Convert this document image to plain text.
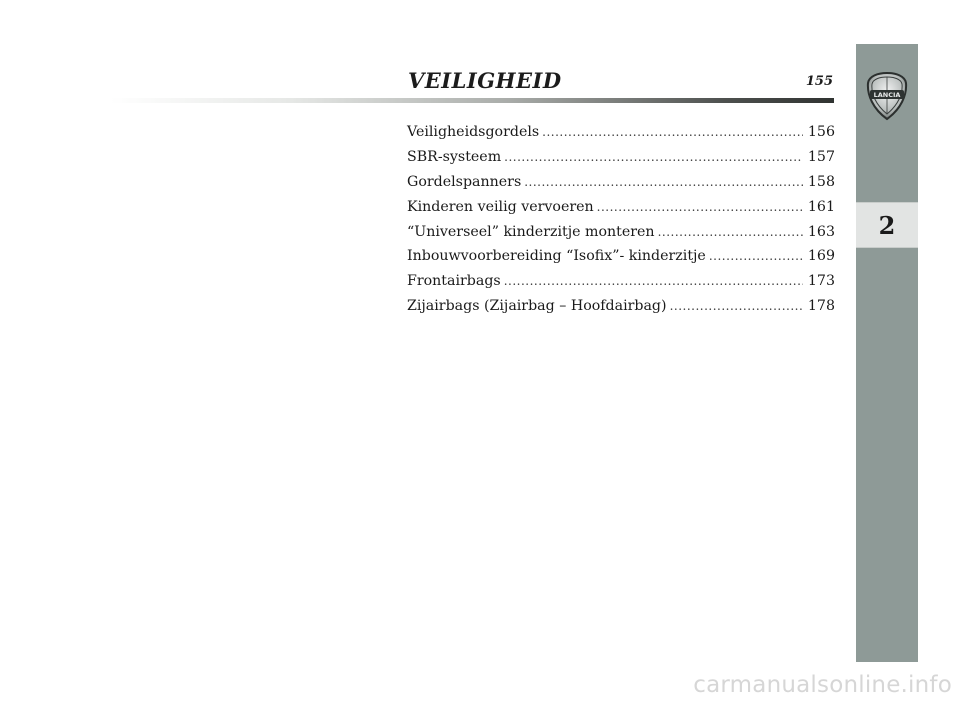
VEILIGHEID	155
Veiligheidsgordels .....	156
SBR-systeem .....	157
Gordelspanners .....	158
Kinderen veilig vervoeren .....	161
“Universeel” kinderzitje monteren .....	163
Inbouwvoorbereiding “Isofix”- kinderzitje .....	169
Frontairbags .....	173
Zijairbags (Zijairbag – Hoofdairbag) .....	178
LANCIA
2
carmanualsonline.info
